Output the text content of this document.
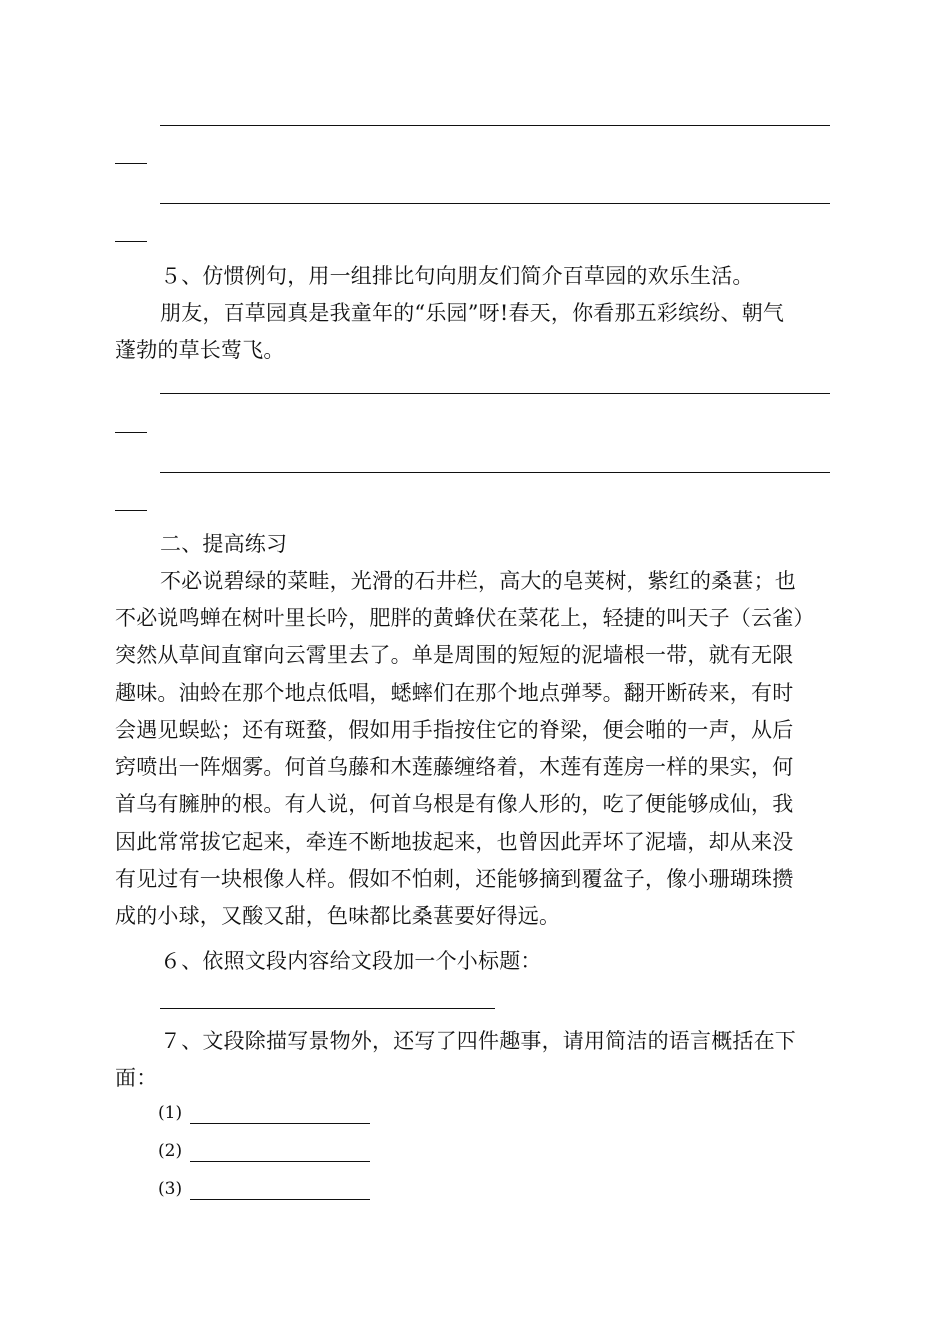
５、仿惯例句，用一组排比句向朋友们简介百草园的欢乐生活。
朋友，百草园真是我童年的“乐园”呀!春天，你看那五彩缤纷、朝气
蓬勃的草长莺飞。
二、提高练习
不必说碧绿的菜畦，光滑的石井栏，高大的皂荚树，紫红的桑葚；也
不必说鸣蝉在树叶里长吟，肥胖的黄蜂伏在菜花上，轻捷的叫天子（云雀）
突然从草间直窜向云霄里去了。单是周围的短短的泥墙根一带，就有无限
趣味。油蛉在那个地点低唱，蟋蟀们在那个地点弹琴。翻开断砖来，有时
会遇见蜈蚣；还有斑蝥，假如用手指按住它的脊梁，便会啪的一声，从后
窍喷出一阵烟雾。何首乌藤和木莲藤缠络着，木莲有莲房一样的果实，何
首乌有臃肿的根。有人说，何首乌根是有像人形的，吃了便能够成仙，我
因此常常拔它起来，牵连不断地拔起来，也曾因此弄坏了泥墙，却从来没
有见过有一块根像人样。假如不怕刺，还能够摘到覆盆子，像小珊瑚珠攒
成的小球，又酸又甜，色味都比桑葚要好得远。
６、依照文段内容给文段加一个小标题：
７、文段除描写景物外，还写了四件趣事，请用简洁的语言概括在下
面：
(1)
(2)
(3)
